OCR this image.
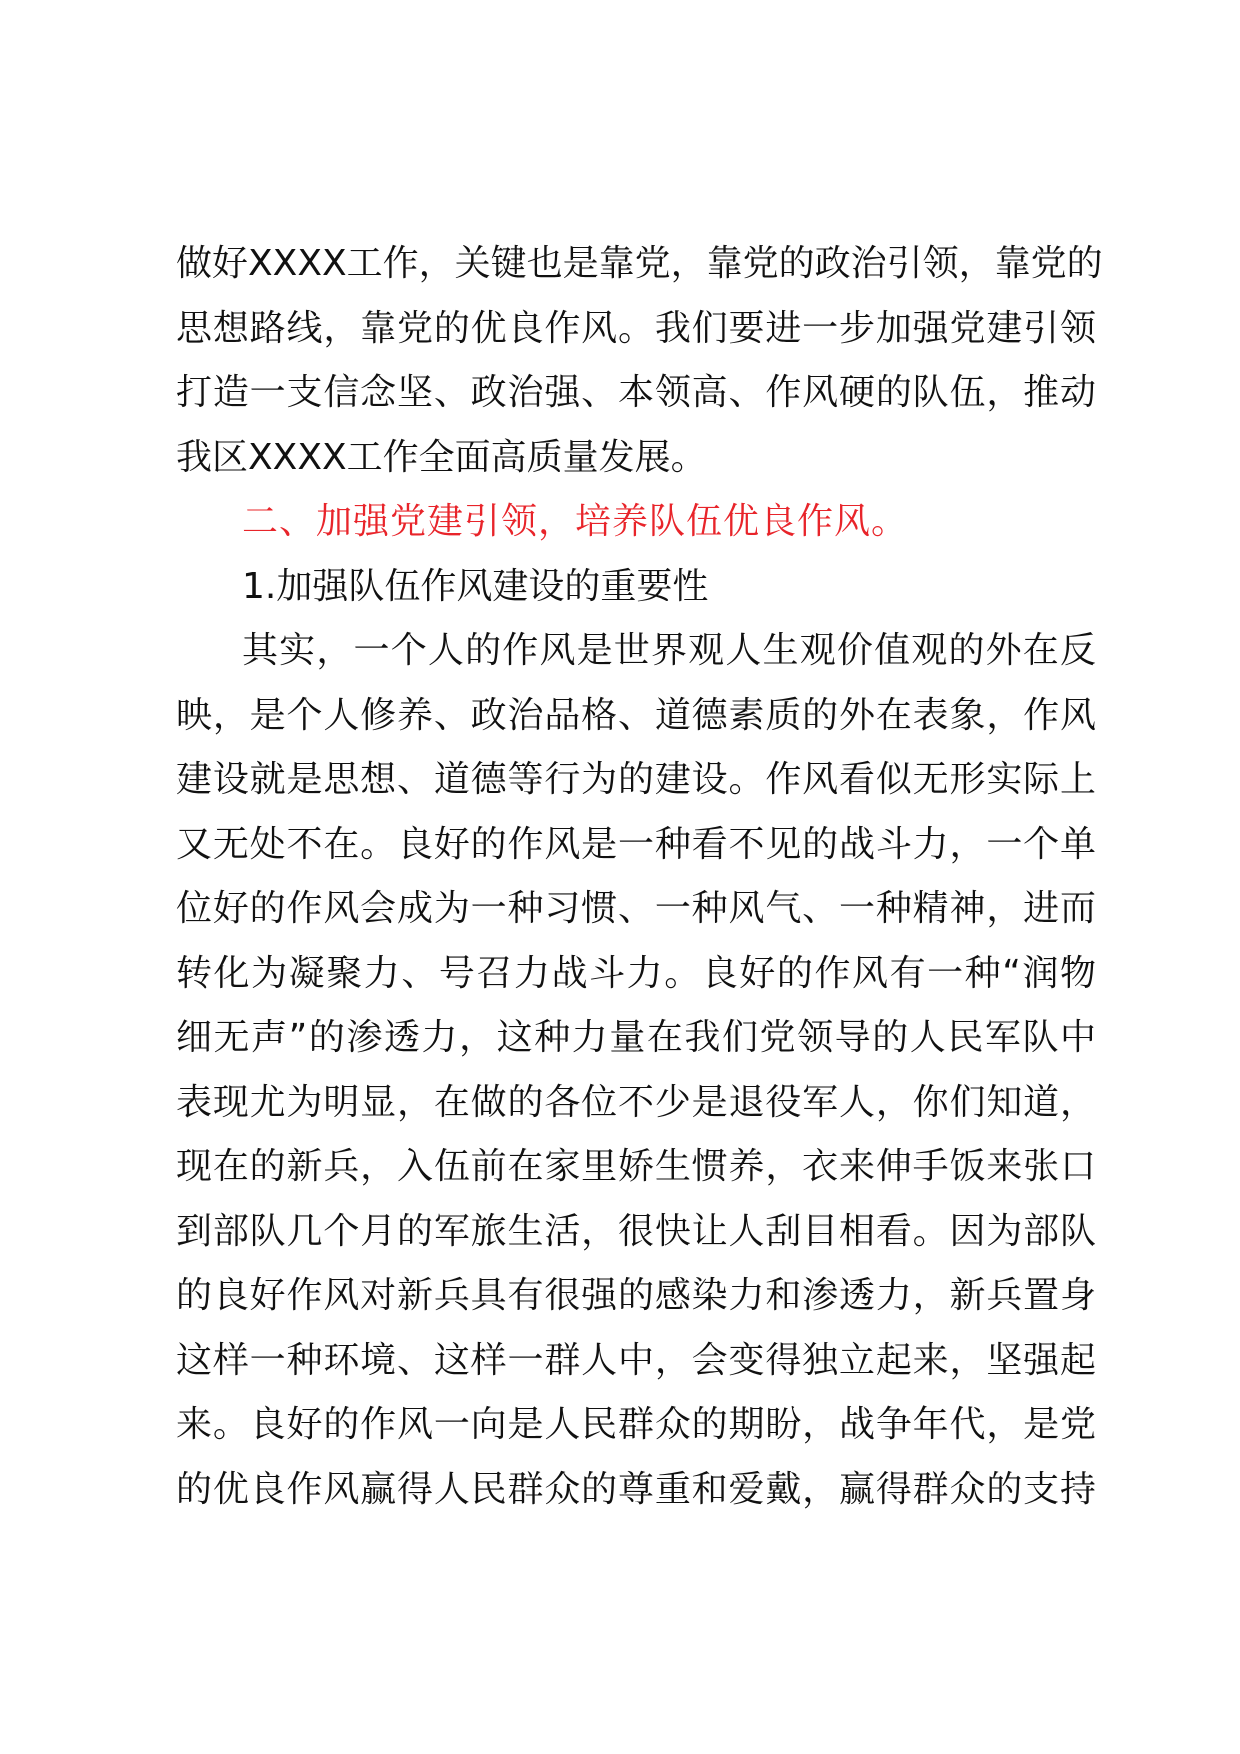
做好XXXX工作，关键也是靠党，靠党的政治引领，靠党的
思想路线，靠党的优良作风。我们要进一步加强党建引领
打造一支信念坚、政治强、本领高、作风硬的队伍，推动
我区XXXX工作全面高质量发展。
二、加强党建引领，培养队伍优良作风。
1.加强队伍作风建设的重要性
其实，一个人的作风是世界观人生观价值观的外在反
映，是个人修养、政治品格、道德素质的外在表象，作风
建设就是思想、道德等行为的建设。作风看似无形实际上
又无处不在。良好的作风是一种看不见的战斗力，一个单
位好的作风会成为一种习惯、一种风气、一种精神，进而
转化为凝聚力、号召力战斗力。良好的作风有一种“润物
细无声”的渗透力，这种力量在我们党领导的人民军队中
表现尤为明显，在做的各位不少是退役军人，你们知道，
现在的新兵，入伍前在家里娇生惯养，衣来伸手饭来张口
到部队几个月的军旅生活，很快让人刮目相看。因为部队
的良好作风对新兵具有很强的感染力和渗透力，新兵置身
这样一种环境、这样一群人中，会变得独立起来，坚强起
来。良好的作风一向是人民群众的期盼，战争年代，是党
的优良作风赢得人民群众的尊重和爱戴，赢得群众的支持
